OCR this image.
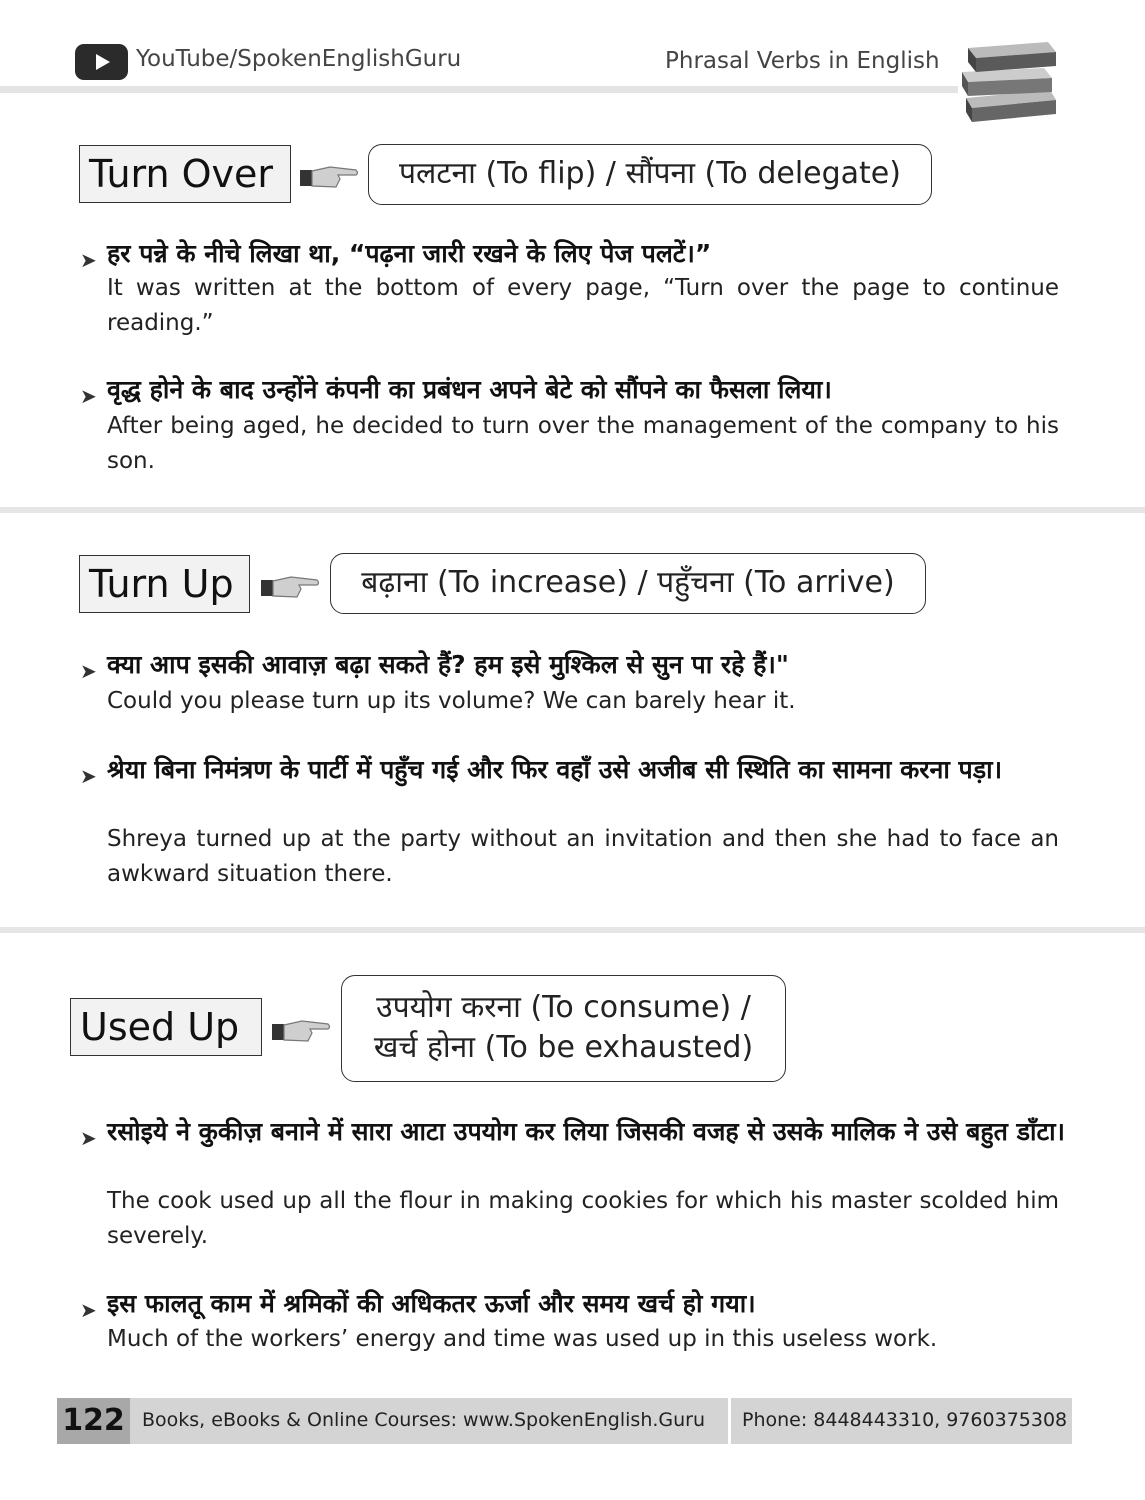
YouTube/SpokenEnglishGuru	Phrasal Verbs in English
Turn Over	पलटना (To flip) / सौंपना (To delegate)
➤ हर पन्ने के नीचे लिखा था, “पढ़ना जारी रखने के लिए पेज पलटें।”
It was written at the bottom of every page, “Turn over the page to continue reading.”
➤ वृद्ध होने के बाद उन्होंने कंपनी का प्रबंधन अपने बेटे को सौंपने का फैसला लिया।
After being aged, he decided to turn over the management of the company to his son.
Turn Up	बढ़ाना (To increase) / पहुँचना (To arrive)
➤ क्या आप इसकी आवाज़ बढ़ा सकते हैं? हम इसे मुश्किल से सुन पा रहे हैं।"
Could you please turn up its volume? We can barely hear it.
➤ श्रेया बिना निमंत्रण के पार्टी में पहुँच गई और फिर वहाँ उसे अजीब सी स्थिति का सामना करना पड़ा।
Shreya turned up at the party without an invitation and then she had to face an awkward situation there.
Used Up	उपयोग करना (To consume) /
खर्च होना (To be exhausted)
➤ रसोइये ने कुकीज़ बनाने में सारा आटा उपयोग कर लिया जिसकी वजह से उसके मालिक ने उसे बहुत डाँटा।
The cook used up all the flour in making cookies for which his master scolded him severely.
➤ इस फालतू काम में श्रमिकों की अधिकतर ऊर्जा और समय खर्च हो गया।
Much of the workers’ energy and time was used up in this useless work.
122 Books, eBooks & Online Courses: www.SpokenEnglish.Guru Phone: 8448443310, 9760375308
